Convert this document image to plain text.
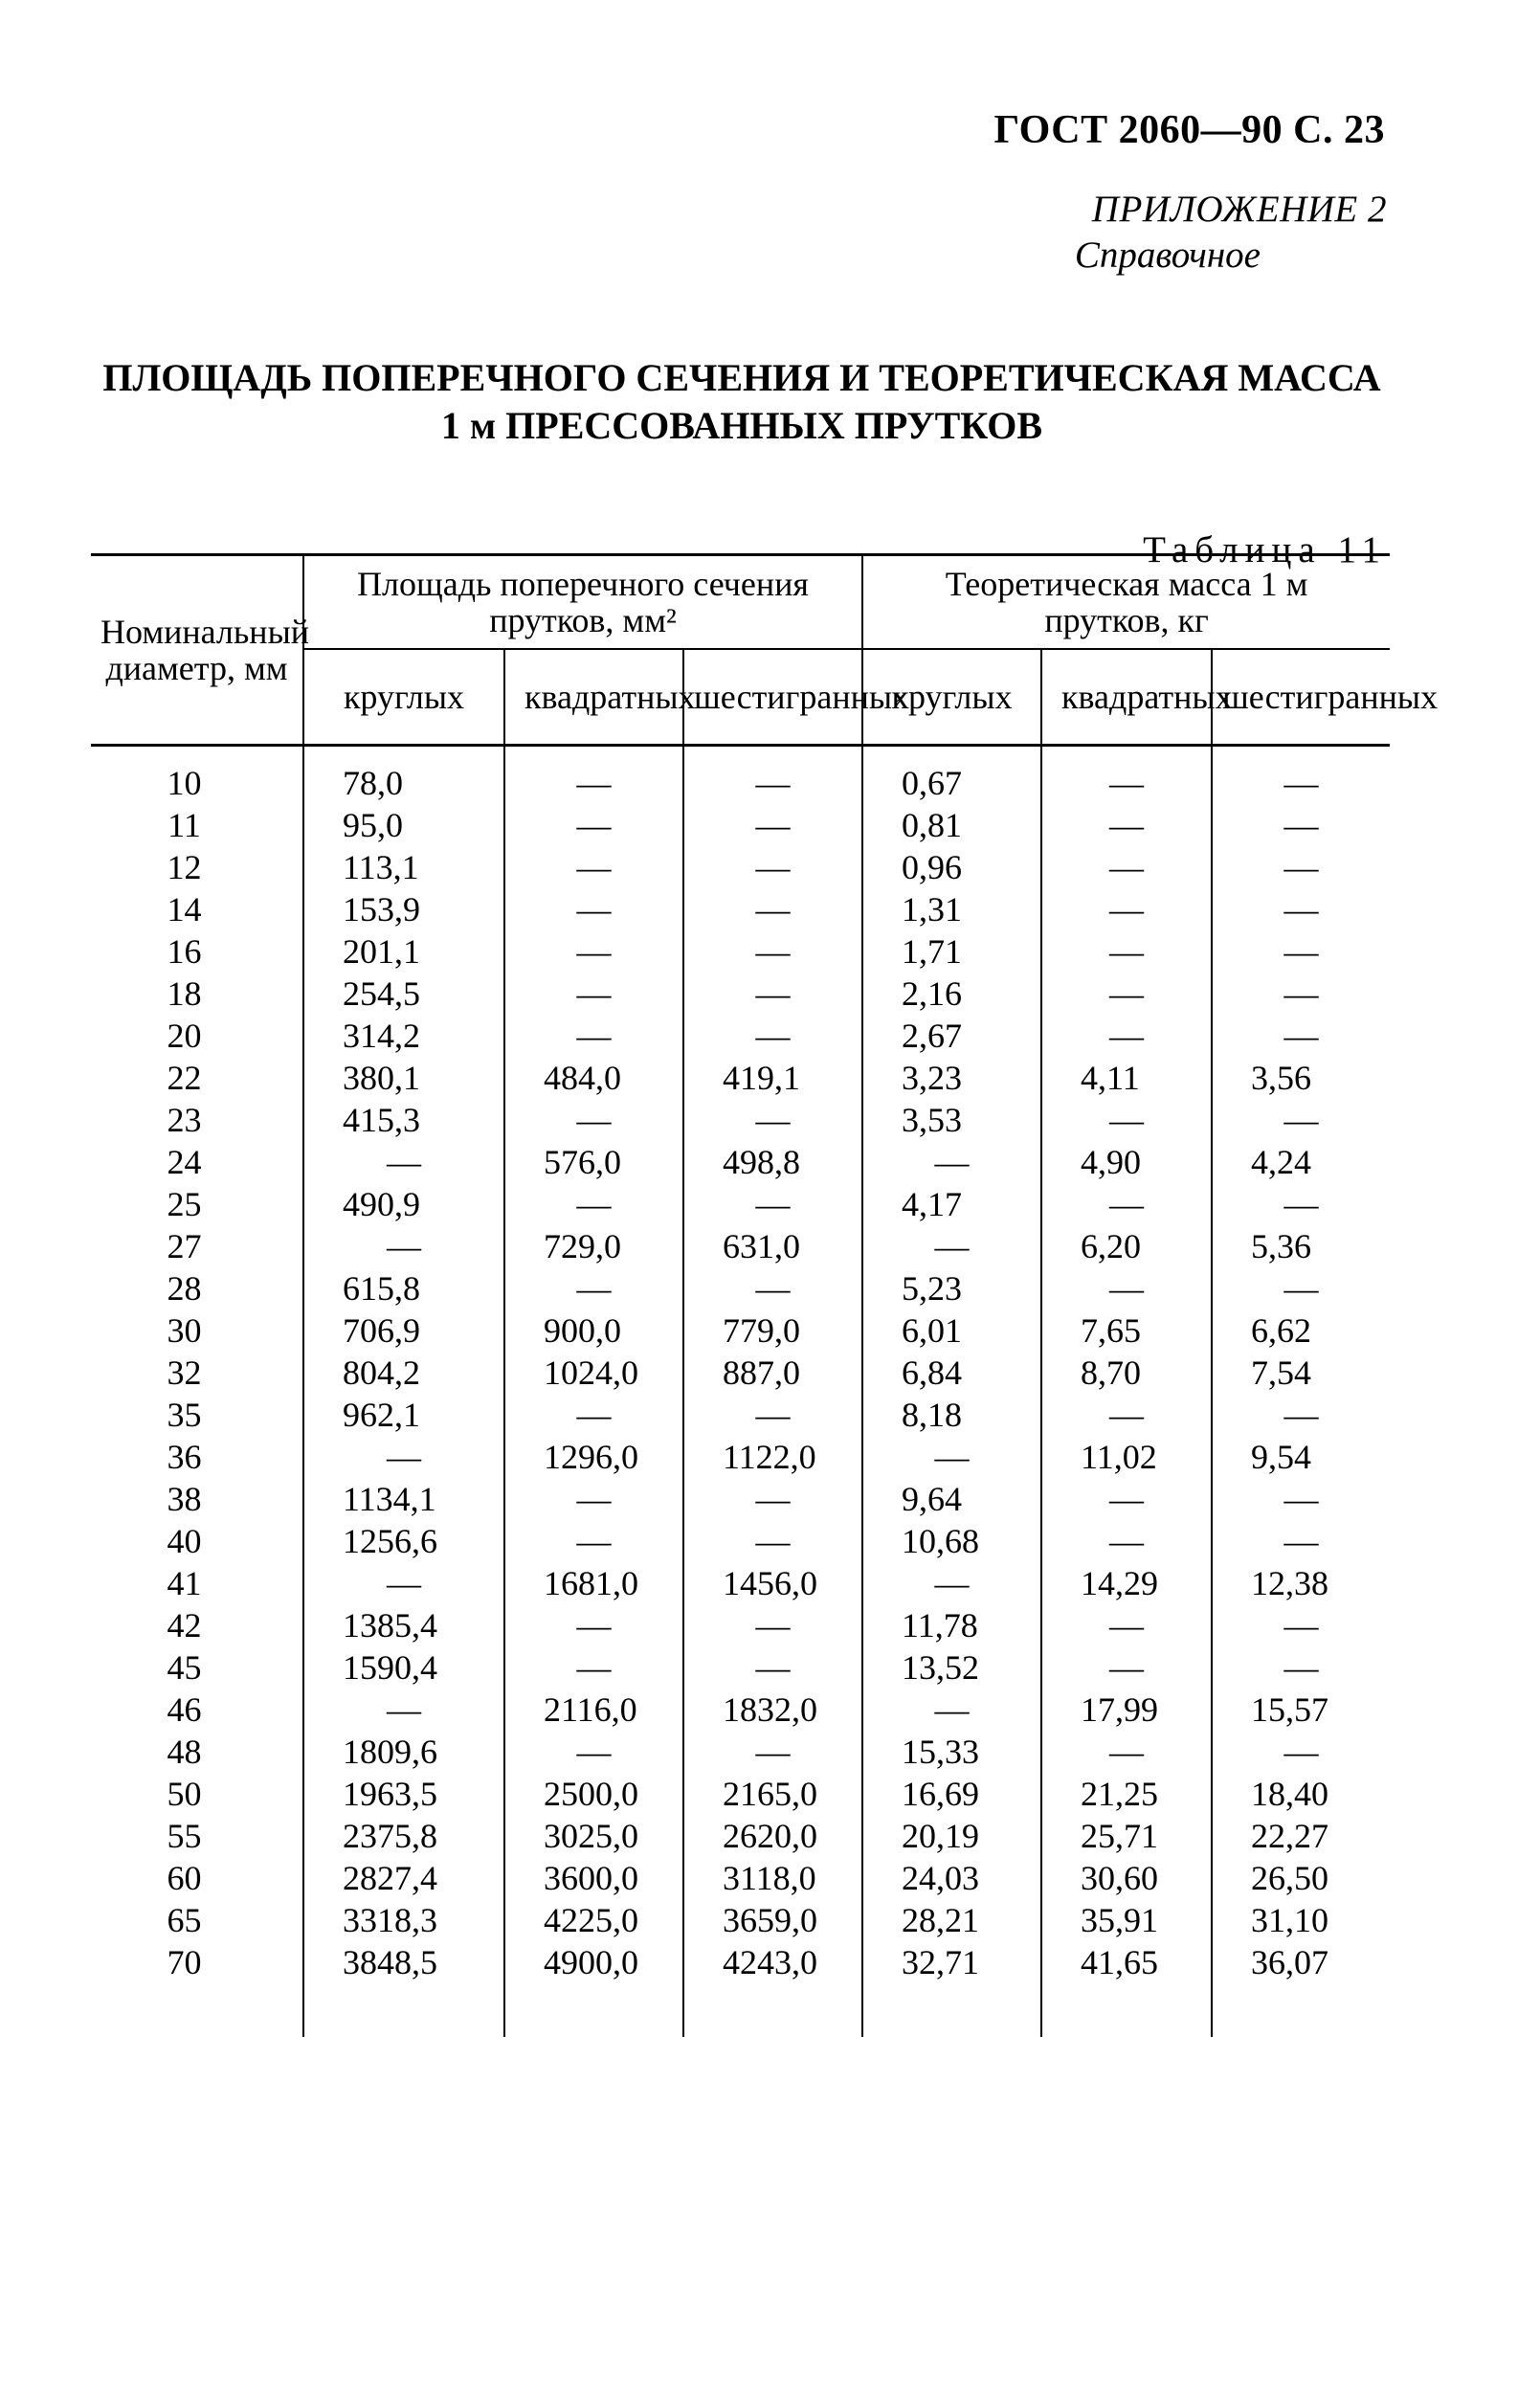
ГОСТ 2060—90 С. 23
ПРИЛОЖЕНИЕ 2
Справочное
ПЛОЩАДЬ ПОПЕРЕЧНОГО СЕЧЕНИЯ И ТЕОРЕТИЧЕСКАЯ МАССА
1 м ПРЕССОВАННЫХ ПРУТКОВ
Таблица 11
Номинальный диаметр, мм	Площадь поперечного сечения прутков, мм²			Теоретическая масса 1 м прутков, кг		
	круглых	квадратных	шестигранных	круглых	квадратных	шестигранных
10	78,0	—	—	0,67	—	—
11	95,0	—	—	0,81	—	—
12	113,1	—	—	0,96	—	—
14	153,9	—	—	1,31	—	—
16	201,1	—	—	1,71	—	—
18	254,5	—	—	2,16	—	—
20	314,2	—	—	2,67	—	—
22	380,1	484,0	419,1	3,23	4,11	3,56
23	415,3	—	—	3,53	—	—
24	—	576,0	498,8	—	4,90	4,24
25	490,9	—	—	4,17	—	—
27	—	729,0	631,0	—	6,20	5,36
28	615,8	—	—	5,23	—	—
30	706,9	900,0	779,0	6,01	7,65	6,62
32	804,2	1024,0	887,0	6,84	8,70	7,54
35	962,1	—	—	8,18	—	—
36	—	1296,0	1122,0	—	11,02	9,54
38	1134,1	—	—	9,64	—	—
40	1256,6	—	—	10,68	—	—
41	—	1681,0	1456,0	—	14,29	12,38
42	1385,4	—	—	11,78	—	—
45	1590,4	—	—	13,52	—	—
46	—	2116,0	1832,0	—	17,99	15,57
48	1809,6	—	—	15,33	—	—
50	1963,5	2500,0	2165,0	16,69	21,25	18,40
55	2375,8	3025,0	2620,0	20,19	25,71	22,27
60	2827,4	3600,0	3118,0	24,03	30,60	26,50
65	3318,3	4225,0	3659,0	28,21	35,91	31,10
70	3848,5	4900,0	4243,0	32,71	41,65	36,07
